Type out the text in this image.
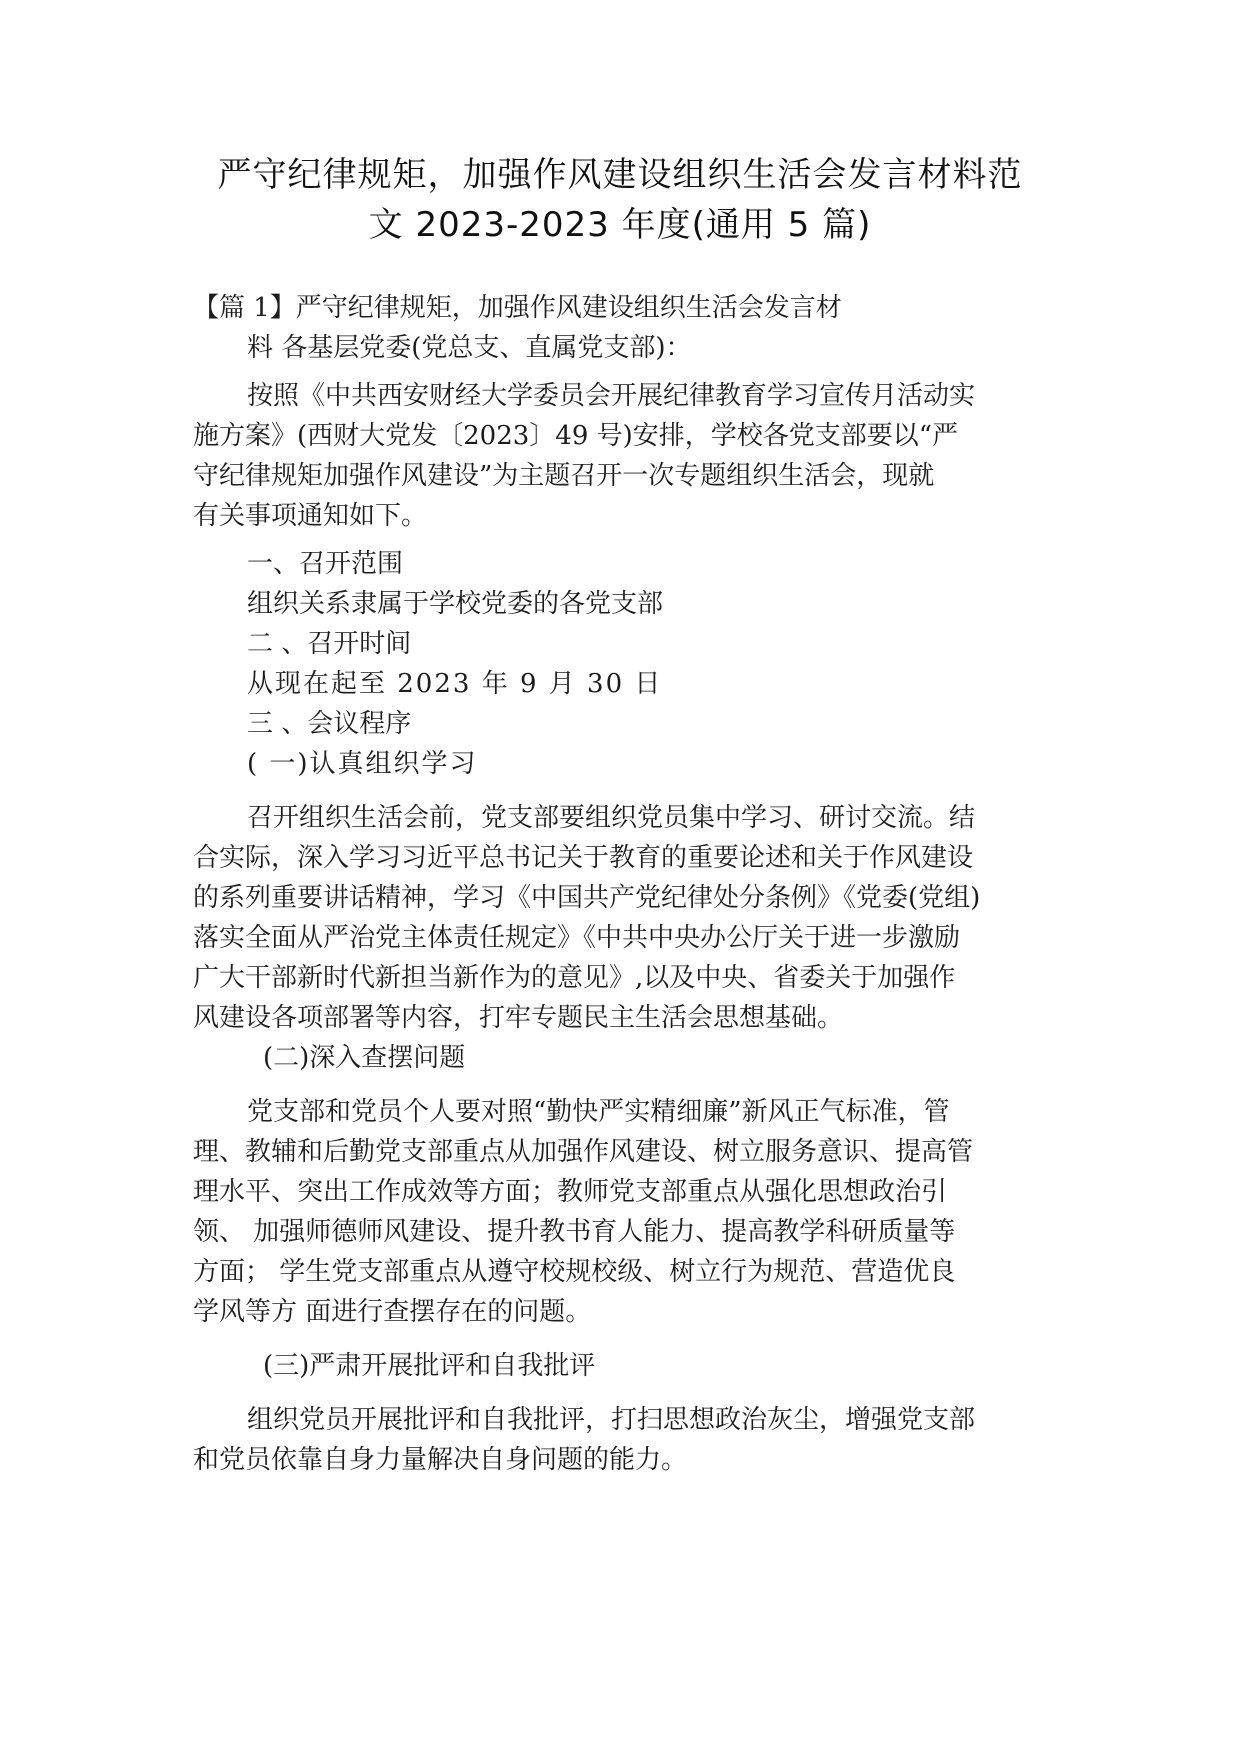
严守纪律规矩，加强作风建设组织生活会发言材料范
文 2023-2023 年度(通用 5 篇)
【篇 1】严守纪律规矩，加强作风建设组织生活会发言材
料 各基层党委(党总支、直属党支部)：
按照《中共西安财经大学委员会开展纪律教育学习宣传月活动实
施方案》(西财大党发〔2023〕49 号)安排，学校各党支部要以“严
守纪律规矩加强作风建设”为主题召开一次专题组织生活会，现就
有关事项通知如下。
一、召开范围
组织关系隶属于学校党委的各党支部
二 、召开时间
从现在起至 2023 年 9 月 30 日
三 、会议程序
( 一)认真组织学习
召开组织生活会前，党支部要组织党员集中学习、研讨交流。结
合实际，深入学习习近平总书记关于教育的重要论述和关于作风建设
的系列重要讲话精神，学习《中国共产党纪律处分条例》《党委(党组)
落实全面从严治党主体责任规定》《中共中央办公厅关于进一步激励
广大干部新时代新担当新作为的意见》,以及中央、省委关于加强作
风建设各项部署等内容，打牢专题民主生活会思想基础。
(二)深入查摆问题
党支部和党员个人要对照“勤快严实精细廉”新风正气标准，管
理、教辅和后勤党支部重点从加强作风建设、树立服务意识、提高管
理水平、突出工作成效等方面；教师党支部重点从强化思想政治引
领、 加强师德师风建设、提升教书育人能力、提高教学科研质量等
方面； 学生党支部重点从遵守校规校级、树立行为规范、营造优良
学风等方 面进行查摆存在的问题。
(三)严肃开展批评和自我批评
组织党员开展批评和自我批评，打扫思想政治灰尘，增强党支部
和党员依靠自身力量解决自身问题的能力。
